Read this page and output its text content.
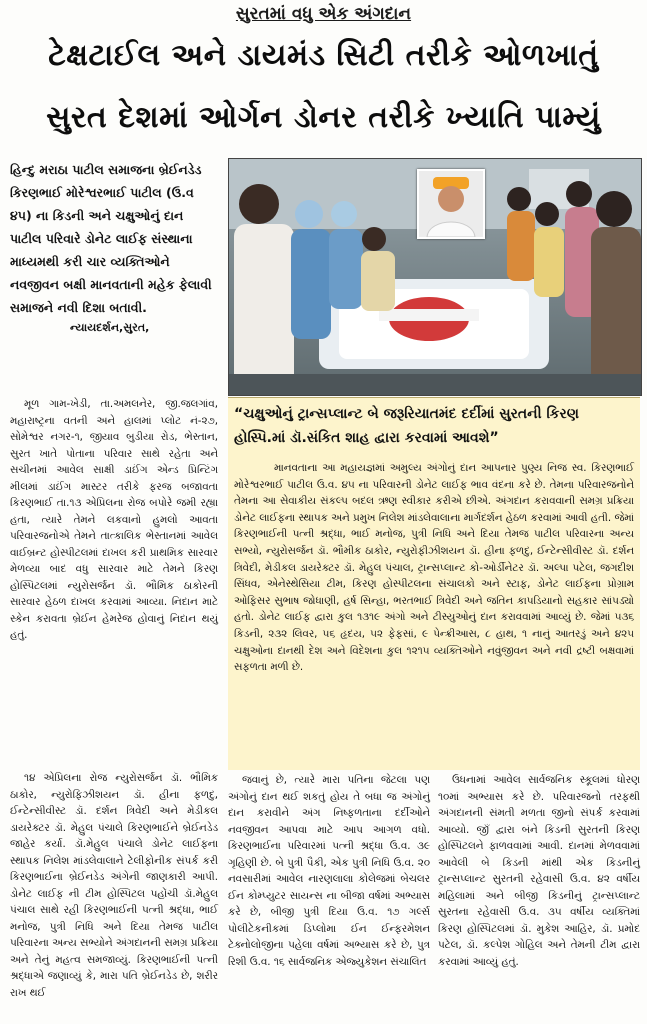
સુરતમાં વધુ એક અંગદાન
ટેક્ષટાઈલ અને ડાયમંડ સિટી તરીકે ઓળખાતું
સુરત દેશમાં ઓર્ગન ડોનર તરીકે ખ્યાતિ પામ્યું
હિન્દુ મરાઠા પાટીલ સમાજના બ્રેઈનડેડ કિરણભાઈ મોરેશ્વરભાઈ પાટીલ (ઉ.વ ૪૫) ના કિડની અને ચક્ષુઓનું દાન પાટીલ પરિવારે ડોનેટ લાઈફ સંસ્થાના માધ્યમથી કરી ચાર વ્યક્તિઓને નવજીવન બક્ષી માનવતાની મહેક ફેલાવી સમાજને નવી દિશા બતાવી.
ન્યાયદર્શન,સુરત,
“ચક્ષુઓનું ટ્રાન્સપ્લાન્ટ બે જરૂરિયાતમંદ દર્દીમાં સુરતની કિરણ હોસ્પિ.માં ડૉ.સંકિત શાહ દ્વારા કરવામાં આવશે”
માનવતાના આ મહાયજ્ઞમાં અમુલ્ય અંગોનું દાન આપનાર પુણ્ય નિજ સ્વ. કિરણભાઈ મોરેશ્વરભાઈ પાટીલ ઉ.વ. ૪૫ ના પરિવારની ડોનેટ લાઈફ ભાવ વંદના કરે છે. તેમના પરિવારજનોને તેમના આ સેવાકીય સંકલ્પ બદલ ઋણ સ્વીકાર કરીએ છીએ. અંગદાન કરાવવાની સમગ્ર પ્રક્રિયા ડોનેટ લાઈફના સ્થાપક અને પ્રમુખ નિલેશ માંડલેવાલાના માર્ગદર્શન હેઠળ કરવામાં આવી હતી. જેમાં કિરણભાઈની પત્ની શ્રદ્ધા, ભાઈ મનોજ, પુત્રી નિધિ અને દિયા તેમજ પાટીલ પરિવારના અન્ય સભ્યો, ન્યુરોસર્જન ડૉ. ભૌમીક ઠાકોર, ન્યુરોફીઝીશયન ડૉ. હીના ફળદુ, ઈન્ટેન્સીવીસ્ટ ડૉ. દર્શન ત્રિવેદી, મેડીકલ ડાયરેક્ટર ડૉ. મેહુલ પંચાલ, ટ્રાન્સપ્લાન્ટ કો-ઓર્ડીનેટર ડૉ. અલ્પા પટેલ, જગદીશ સિંધવ, એનેસ્થેસિયા ટીમ, કિરણ હોસ્પીટલના સંચાલકો અને સ્ટાફ, ડોનેટ લાઈફના પ્રોગ્રામ ઓફિસર સુભાષ જોધાણી, હર્ષ સિન્હા, ભરતભાઈ ત્રિવેદી અને જતિન કાપડિયાનો સહકાર સાંપડ્યો હતો. ડોનેટ લાઈફ દ્વારા કુલ ૧૩૧૯ અંગો અને ટીસ્યુઓનું દાન કરાવવામાં આવ્યું છે. જેમાં ૫૩૬ કિડની, ૨૩૨ લિવર, ૫૬ હૃદય, ૫૨ ફેફસાં, ૯ પેન્ક્રીઆસ, ૮ હાથ, ૧ નાનું આતરડું અને ૪૨૫ ચક્ષુઓના દાનથી દેશ અને વિદેશના કુલ ૧૨૧૫ વ્યક્તિઓને નવુંજીવન અને નવી દ્રષ્ટી બક્ષવામાં સફળતા મળી છે.

મૂળ ગામ-ખેડી, તા.અમલનેર, જી.જલગાંવ, મહારાષ્ટ્રના વતની અને હાલમાં પ્લોટ નં-૨૭, સોમેશ્વર નગર-૧, જીયાવ બુડીયા રોડ, ભેસ્તાન, સુરત ખાતે પોતાના પરિવાર સાથે રહેતા અને સચીનમાં આવેલ સાક્ષી ડાઈંગ એન્ડ પ્રિન્ટિંગ મીલમાં ડાઈંગ માસ્ટર તરીકે ફરજ બજાવતા કિરણભાઈ તા.૧૩ એપ્રિલના રોજ બપોરે જમી રહ્યા હતા, ત્યારે તેમને લકવાનો હુમલો આવતા પરિવારજનોએ તેમને તાત્કાલિક ભેસ્તાનમાં આવેલ વાઈબ્રન્ટ હોસ્પીટલમાં દાખલ કરી પ્રાથમિક સારવાર મેળવ્યા બાદ વધુ સારવાર માટે તેમને કિરણ હોસ્પિટલમાં ન્યુરોસર્જન ડૉ. ભૌમિક ઠાકોરની સારવાર હેઠળ દાખલ કરવામાં આવ્યા. નિદાન માટે સ્કેન કરાવતા બ્રેઈન હેમરેજ હોવાનું નિદાન થયું હતું.

૧૪ એપ્રિલના રોજ ન્યુરોસર્જન ડૉ. ભૌમિક ઠાકોર, ન્યુરોફિઝીશયન ડૉ. હીના ફળદુ, ઈન્ટેન્સીવીસ્ટ ડૉ. દર્શન ત્રિવેદી અને મેડીકલ ડાયરેક્ટર ડૉ. મેહુલ પંચાલે કિરણભાઈને બ્રેઈનડેડ જાહેર કર્યા. ડૉ.મેહુલ પંચાલે ડોનેટ લાઈફના સ્થાપક નિલેશ માંડલેવાલાને ટેલીફોનીક સંપર્ક કરી કિરણભાઈના બ્રેઈનડેડ અંગેની જાણકારી આપી. ડોનેટ લાઈફ ની ટીમ હોસ્પિટલ પહોંચી ડૉ.મેહુલ પંચાલ સાથે રહી કિરણભાઈની પત્ની શ્રદ્ધા, ભાઈ મનોજ, પુત્રી નિધિ અને દિયા તેમજ પાટીલ પરિવારના અન્ય સભ્યોને અંગદાનની સમગ્ર પ્રક્રિયા અને તેનું મહત્વ સમજાવ્યું. કિરણભાઈની પત્ની શ્રદ્ધાએ જણાવ્યું કે, મારા પતિ બ્રેઈનડેડ છે, શરીર રાખ થઈ

જવાનું છે, ત્યારે મારા પતિના જેટલા પણ અંગોનું દાન થઈ શકતું હોય તે બધા જ અંગોનું દાન કરાવીને અંગ નિષ્ફળતાના દર્દીઓને નવજીવન આપવા માટે આપ આગળ વધો. કિરણભાઈના પરિવારમાં પત્ની શ્રદ્ધા ઉ.વ. ૩૯ ગૃહિણી છે. બે પુત્રી પૈકી, એક પુત્રી નિધિ ઉ.વ. ૨૦ નવસારીમાં આવેલ નારણલાલા કોલેજમાં બેચલર ઈન કોમ્પ્યુટર સાયન્સ ના બીજા વર્ષમાં અભ્યાસ કરે છે, બીજી પુત્રી દિયા ઉ.વ. ૧૭ ગર્લ્સ પોલીટેકનીકમાં ડિપ્લોમા ઈન ઈન્ફરમેશન ટેક્નોલોજીના પહેલા વર્ષમાં અભ્યાસ કરે છે, પુત્ર રિશી ઉ.વ. ૧૬ સાર્વજનિક એજ્યુકેશન સંચાલિત

ઉધનામાં આવેલ સાર્વજનિક સ્કૂલમાં ધોરણ ૧૦માં અભ્યાસ કરે છે. પરિવારજનો તરફથી અંગદાનની સંમતી મળતા જીનો સંપર્ક કરવામાં આવ્યો. જીઁ દ્વારા બંને કિડની સુરતની કિરણ હોસ્પિટલને ફાળવવામાં આવી. દાનમાં મેળવવામાં આવેલી બે કિડની માંથી એક કિડનીનું ટ્રાન્સપ્લાન્ટ સુરતની રહેવાસી ઉ.વ. ૪૨ વર્ષીય મહિલામાં અને બીજી કિડનીનું ટ્રાન્સપ્લાન્ટ સુરતના રહેવાસી ઉ.વ. ૩૫ વર્ષીય વ્યક્તિમાં કિરણ હોસ્પિટલમાં ડૉ. મુકેશ આહિર, ડૉ. પ્રમોદ પટેલ, ડૉ. કલ્પેશ ગોહિલ અને તેમની ટીમ દ્વારા કરવામાં આવ્યું હતું.
